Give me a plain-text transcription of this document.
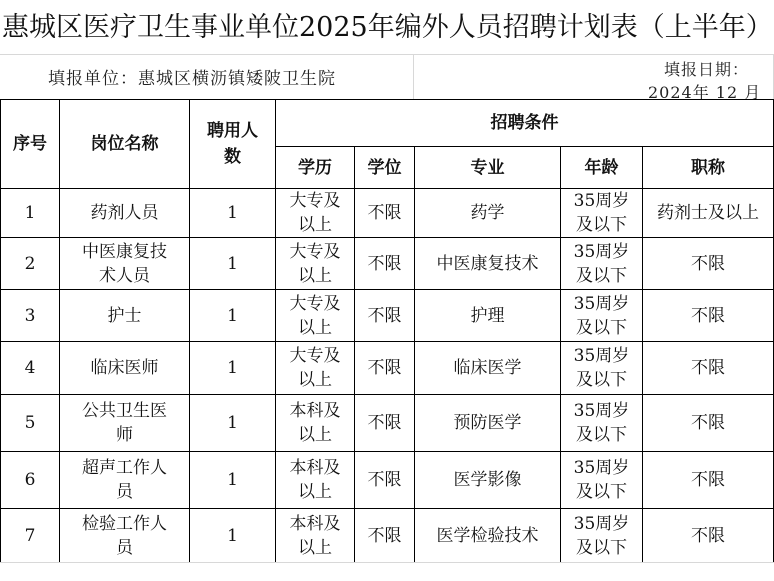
惠城区医疗卫生事业单位2025年编外人员招聘计划表（上半年）
填报单位：惠城区横沥镇矮陂卫生院	填报日期：
2024年 12 月
序号	岗位名称	聘用人数	招聘条件				
			学历	学位	专业	年龄	职称
1	药剂人员	1	大专及以上	不限	药学	35周岁及以下	药剂士及以上
2	中医康复技术人员	1	大专及以上	不限	中医康复技术	35周岁及以下	不限
3	护士	1	大专及以上	不限	护理	35周岁及以下	不限
4	临床医师	1	大专及以上	不限	临床医学	35周岁及以下	不限
5	公共卫生医师	1	本科及以上	不限	预防医学	35周岁及以下	不限
6	超声工作人员	1	本科及以上	不限	医学影像	35周岁及以下	不限
7	检验工作人员	1	本科及以上	不限	医学检验技术	35周岁及以下	不限
